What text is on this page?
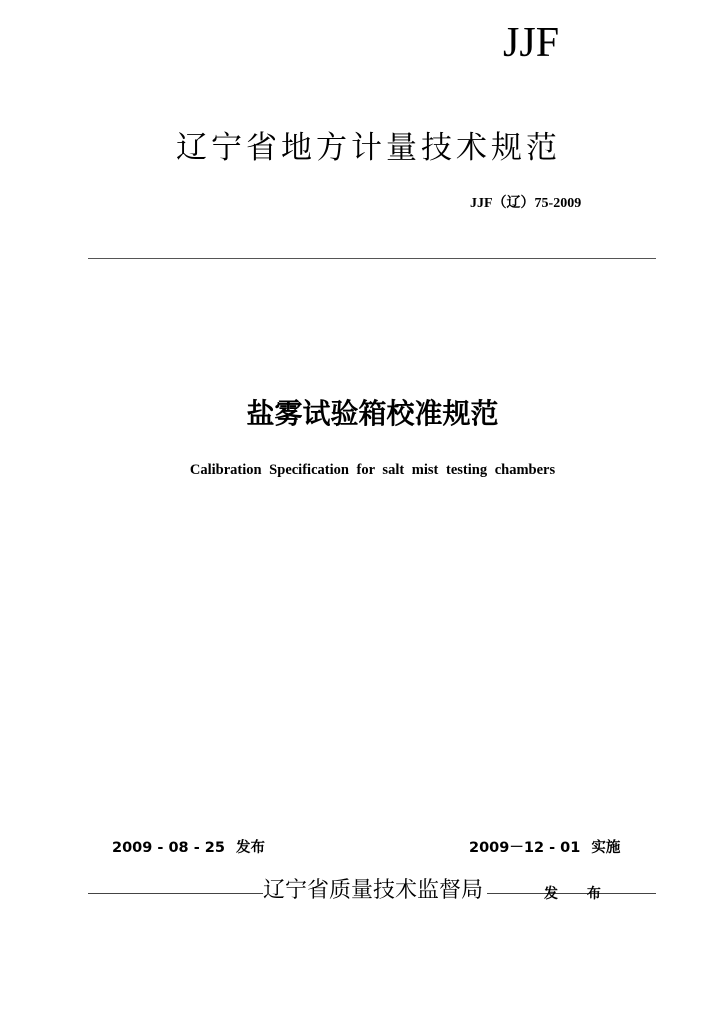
JJF
辽宁省地方计量技术规范
JJF（辽）75-2009
盐雾试验箱校准规范
Calibration Specification for salt mist testing chambers
2009 - 08 - 25 发布	2009－12 - 01 实施
辽宁省质量技术监督局	发 布
